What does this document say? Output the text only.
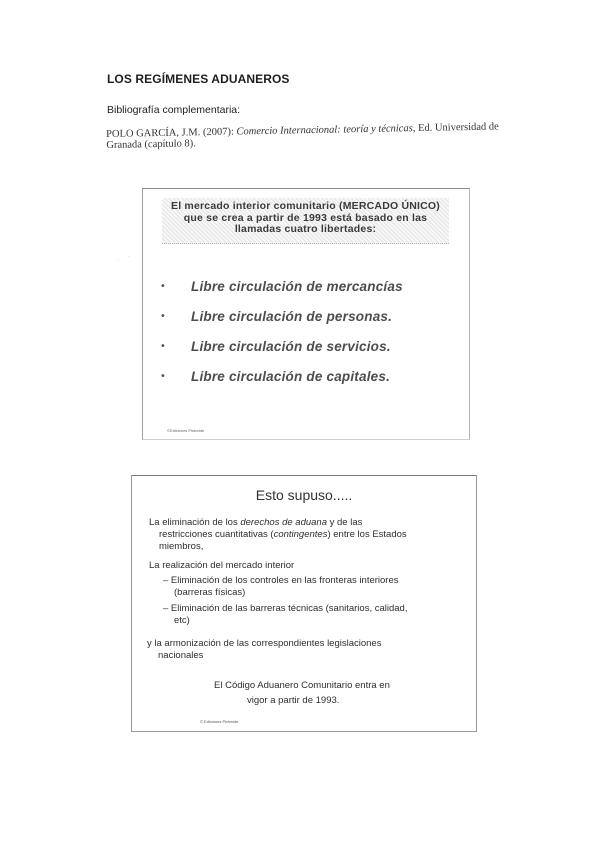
LOS REGÍMENES ADUANEROS
Bibliografía complementaria:
POLO GARCÍA, J.M. (2007): Comercio Internacional: teoría y técnicas, Ed. Universidad de
Granada (capítulo 8).
·
·
El mercado interior comunitario (MERCADO ÚNICO)
que se crea a partir de 1993 está basado en las
llamadas cuatro libertades:
• Libre circulación de mercancías
• Libre circulación de personas.
• Libre circulación de servicios.
• Libre circulación de capitales.
©Ediciones Pirámide
Esto supuso.....
La eliminación de los derechos de aduana y de las
restricciones cuantitativas (contingentes) entre los Estados
miembros,
La realización del mercado interior
– Eliminación de los controles en las fronteras interiores
(barreras físicas)
– Eliminación de las barreras técnicas (sanitarios, calidad,
etc)
y la armonización de las correspondientes legislaciones
nacionales
El Código Aduanero Comunitario entra en
vigor a partir de 1993.
© Ediciones Pirámide
